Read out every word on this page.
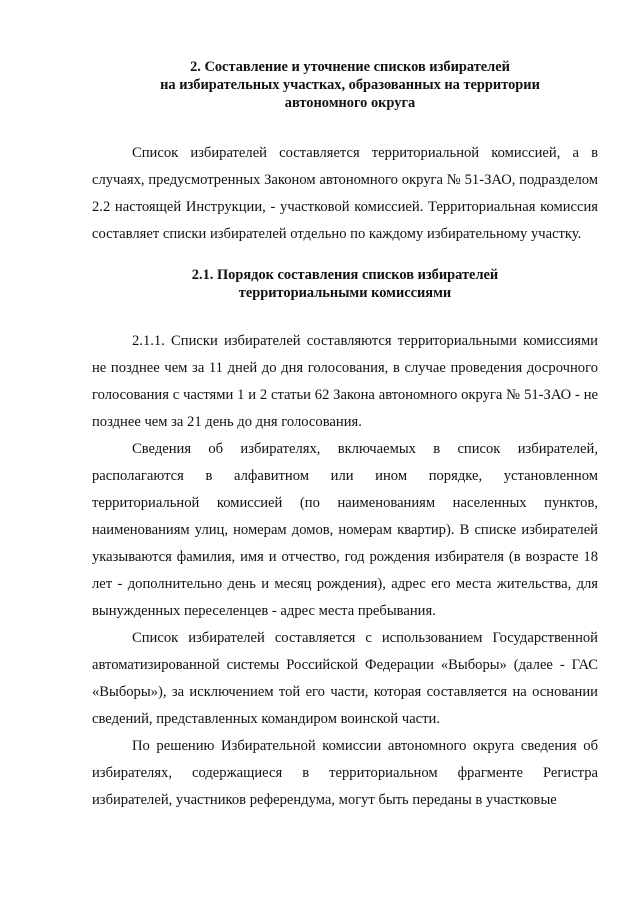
2. Составление и уточнение списков избирателей
на избирательных участках, образованных на территории
автономного округа

Список избирателей составляется территориальной комиссией, а в случаях, предусмотренных Законом автономного округа № 51-ЗАО, подразделом 2.2 настоящей Инструкции, - участковой комиссией. Территориальная комиссия составляет списки избирателей отдельно по каждому избирательному участку.

2.1. Порядок составления списков избирателей
территориальными комиссиями

2.1.1. Списки избирателей составляются территориальными комиссиями не позднее чем за 11 дней до дня голосования, в случае проведения досрочного голосования с частями 1 и 2 статьи 62 Закона автономного округа № 51-ЗАО - не позднее чем за 21 день до дня голосования.

Сведения об избирателях, включаемых в список избирателей, располагаются в алфавитном или ином порядке, установленном территориальной комиссией (по наименованиям населенных пунктов, наименованиям улиц, номерам домов, номерам квартир). В списке избирателей указываются фамилия, имя и отчество, год рождения избирателя (в возрасте 18 лет - дополнительно день и месяц рождения), адрес его места жительства, для вынужденных переселенцев - адрес места пребывания.

Список избирателей составляется с использованием Государственной автоматизированной системы Российской Федерации «Выборы» (далее - ГАС «Выборы»), за исключением той его части, которая составляется на основании сведений, представленных командиром воинской части.

По решению Избирательной комиссии автономного округа сведения об избирателях, содержащиеся в территориальном фрагменте Регистра избирателей, участников референдума, могут быть переданы в участковые
